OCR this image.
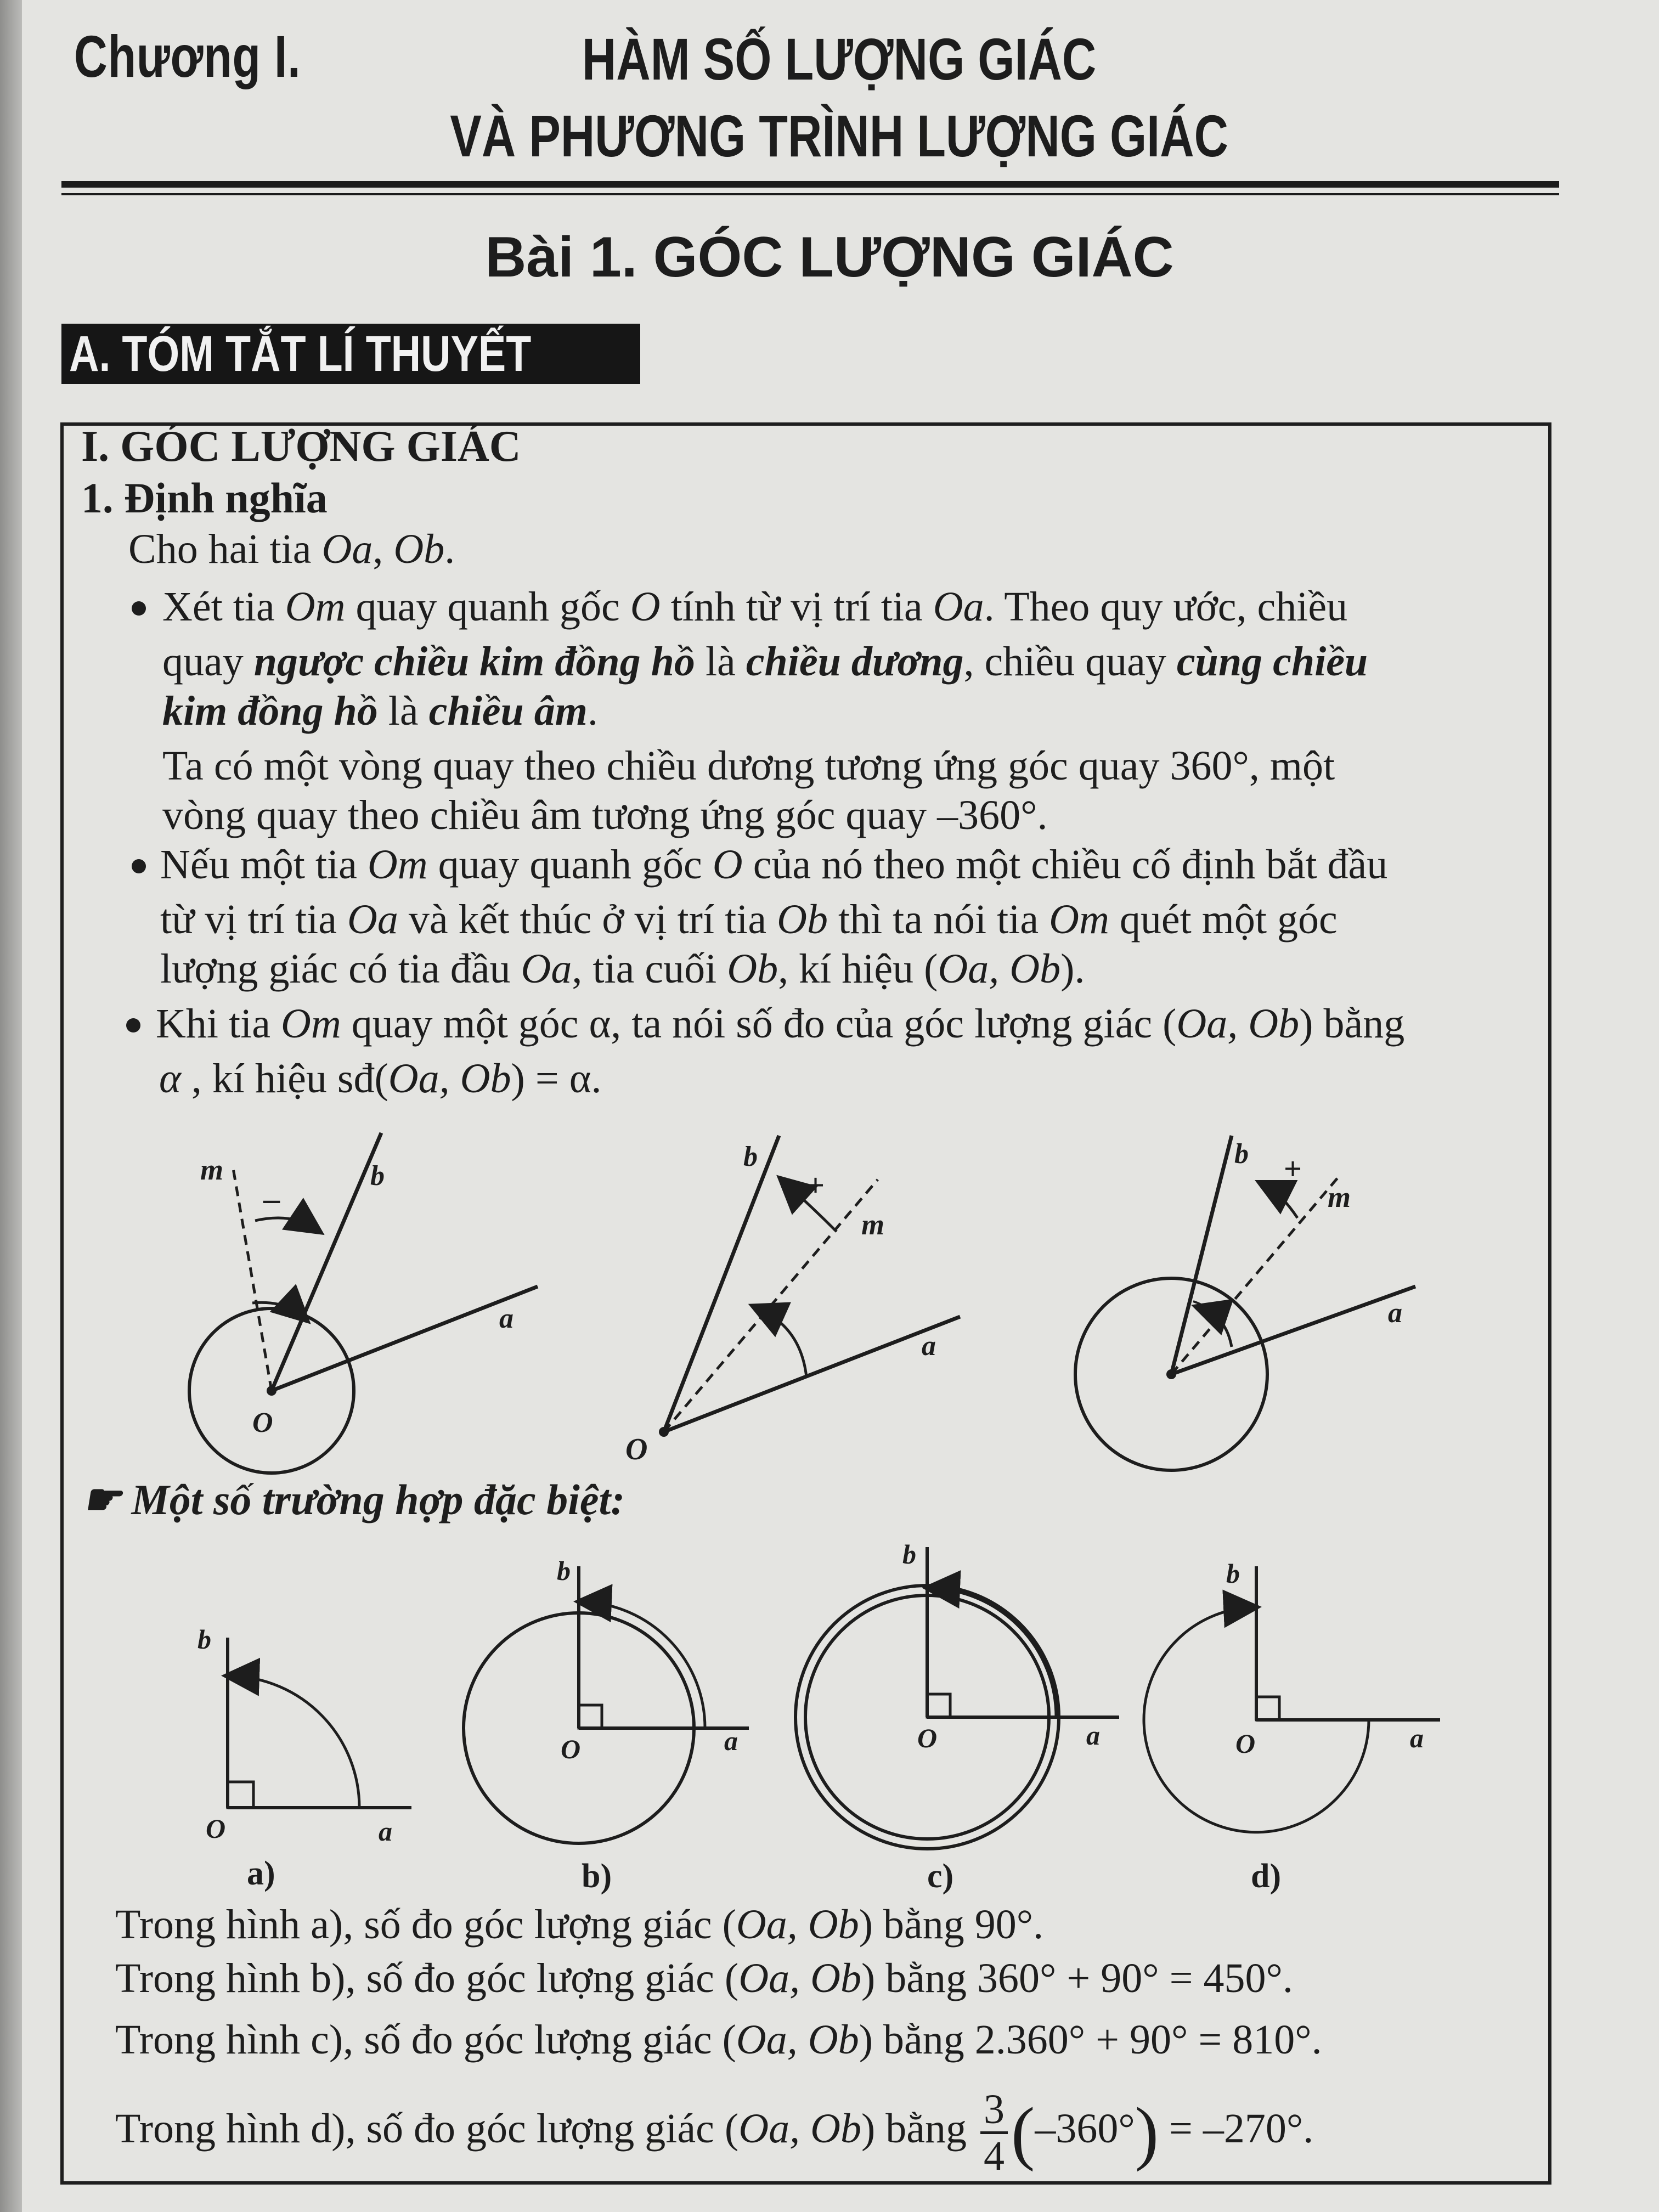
Chương I.	HÀM SỐ LƯỢNG GIÁC
VÀ PHƯƠNG TRÌNH LƯỢNG GIÁC
Bài 1. GÓC LƯỢNG GIÁC
A. TÓM TẮT LÍ THUYẾT
I. GÓC LƯỢNG GIÁC
1. Định nghĩa
Cho hai tia Oa, Ob.
Xét tia Om quay quanh gốc O tính từ vị trí tia Oa. Theo quy ước, chiều
quay ngược chiều kim đồng hồ là chiều dương, chiều quay cùng chiều
kim đồng hồ là chiều âm.
Ta có một vòng quay theo chiều dương tương ứng góc quay 360°, một
vòng quay theo chiều âm tương ứng góc quay –360°.
Nếu một tia Om quay quanh gốc O của nó theo một chiều cố định bắt đầu
từ vị trí tia Oa và kết thúc ở vị trí tia Ob thì ta nói tia Om quét một góc
lượng giác có tia đầu Oa, tia cuối Ob, kí hiệu (Oa, Ob).
Khi tia Om quay một góc α, ta nói số đo của góc lượng giác (Oa, Ob) bằng
α , kí hiệu sđ(Oa, Ob) = α.
m
–
b
a
O
b
+
m
a
O
b +
m
a
☛ Một số trường hợp đặc biệt:
b
O	a
a)
b
O	a
b)
b
O	a
c)
b
O	a
d)
Trong hình a), số đo góc lượng giác (Oa, Ob) bằng 90°.
Trong hình b), số đo góc lượng giác (Oa, Ob) bằng 360° + 90° = 450°.
Trong hình c), số đo góc lượng giác (Oa, Ob) bằng 2.360° + 90° = 810°.
Trong hình d), số đo góc lượng giác (Oa, Ob) bằng $\frac{3}{4} (-360^\circ) = -270^\circ$.
